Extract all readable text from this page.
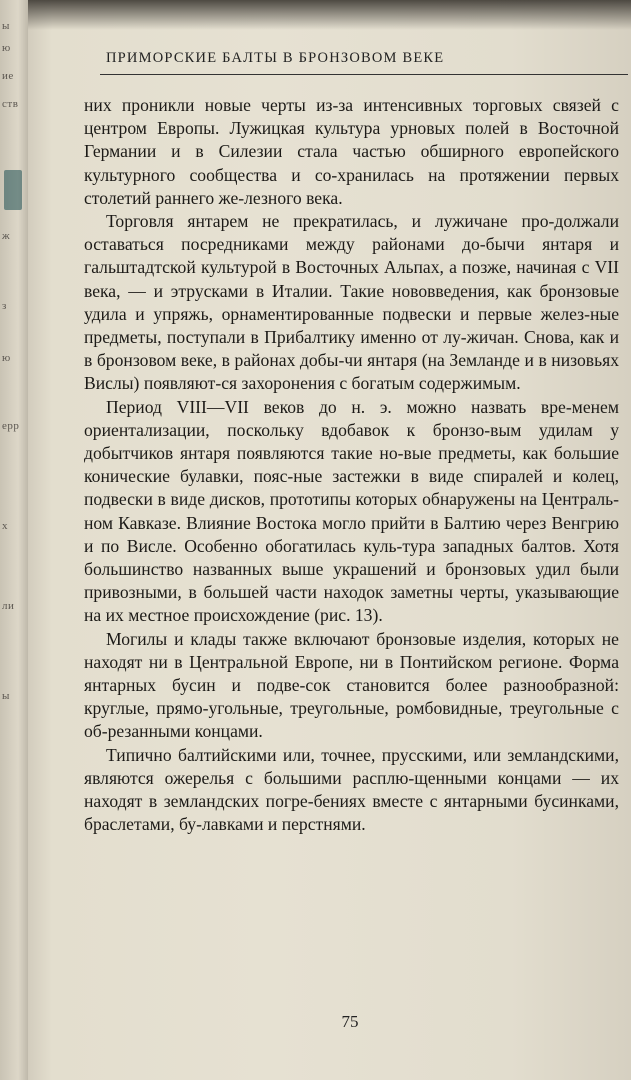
ы
ю
ие
ств
ж
з
ю
ерр
х
ли
ы
ПРИМОРСКИЕ БАЛТЫ В БРОНЗОВОМ ВЕКЕ

них проникли новые черты из-за интенсивных торговых связей с центром Европы. Лужицкая культура урновых полей в Восточной Германии и в Силезии стала частью обширного европейского культурного сообщества и со-хранилась на протяжении первых столетий раннего же-лезного века.

Торговля янтарем не прекратилась, и лужичане про-должали оставаться посредниками между районами до-бычи янтаря и гальштадтской культурой в Восточных Альпах, а позже, начиная с VII века, — и этрусками в Италии. Такие нововведения, как бронзовые удила и упряжь, орнаментированные подвески и первые желез-ные предметы, поступали в Прибалтику именно от лу-жичан. Снова, как и в бронзовом веке, в районах добы-чи янтаря (на Земланде и в низовьях Вислы) появляют-ся захоронения с богатым содержимым.

Период VIII—VII веков до н. э. можно назвать вре-менем ориентализации, поскольку вдобавок к бронзо-вым удилам у добытчиков янтаря появляются такие но-вые предметы, как большие конические булавки, пояс-ные застежки в виде спиралей и колец, подвески в виде дисков, прототипы которых обнаружены на Централь-ном Кавказе. Влияние Востока могло прийти в Балтию через Венгрию и по Висле. Особенно обогатилась куль-тура западных балтов. Хотя большинство названных выше украшений и бронзовых удил были привозными, в большей части находок заметны черты, указывающие на их местное происхождение (рис. 13).

Могилы и клады также включают бронзовые изделия, которых не находят ни в Центральной Европе, ни в Понтийском регионе. Форма янтарных бусин и подве-сок становится более разнообразной: круглые, прямо-угольные, треугольные, ромбовидные, треугольные с об-резанными концами.

Типично балтийскими или, точнее, прусскими, или земландскими, являются ожерелья с большими расплю-щенными концами — их находят в земландских погре-бениях вместе с янтарными бусинками, браслетами, бу-лавками и перстнями.

75
